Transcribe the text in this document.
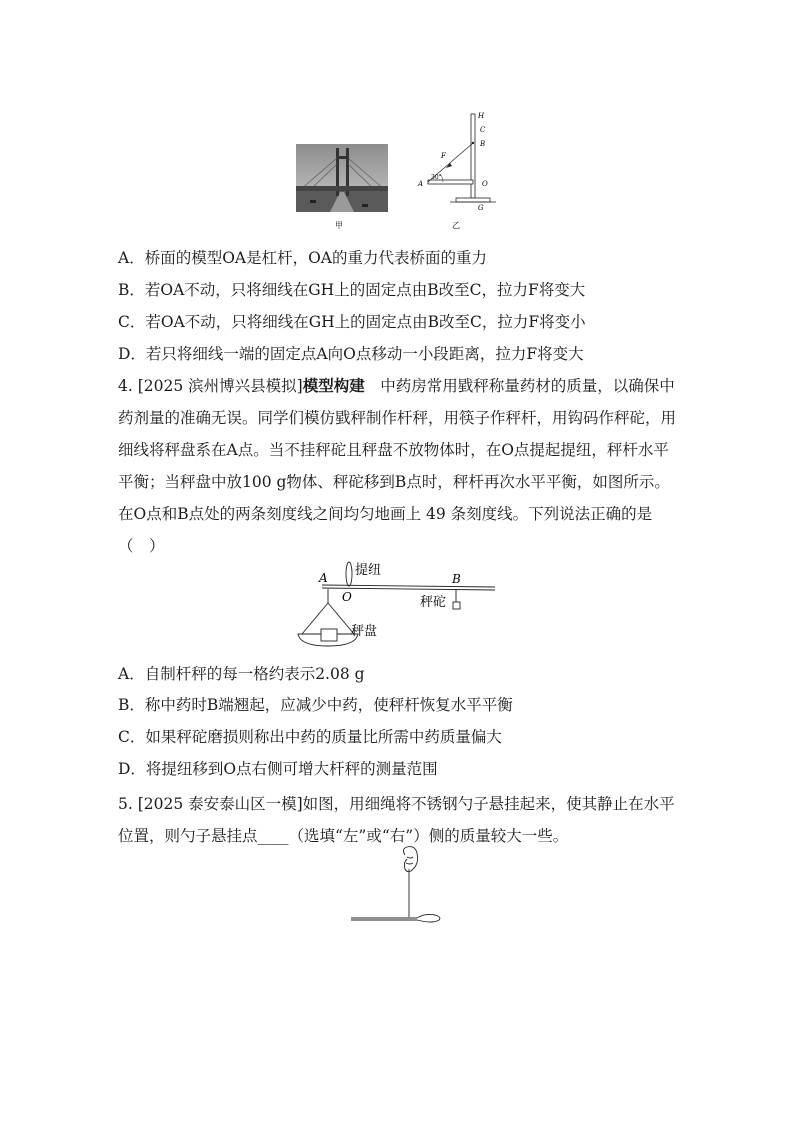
甲
H
C
B
F
A	O
30°
G
乙
A．桥面的模型OA是杠杆，OA的重力代表桥面的重力
B．若OA不动，只将细线在GH上的固定点由B改至C，拉力F将变大
C．若OA不动，只将细线在GH上的固定点由B改至C，拉力F将变小
D．若只将细线一端的固定点A向O点移动一小段距离，拉力F将变大
4. [2025 滨州博兴县模拟]模型构建　中药房常用戥秤称量药材的质量，以确保中药剂量的准确无误。同学们模仿戥秤制作杆秤，用筷子作秤杆，用钩码作秤砣，用细线将秤盘系在A点。当不挂秤砣且秤盘不放物体时，在O点提起提纽，秤杆水平平衡；当秤盘中放100 g物体、秤砣移到B点时，秤杆再次水平平衡，如图所示。在O点和B点处的两条刻度线之间均匀地画上 49 条刻度线。下列说法正确的是（　）
A
O
B
提纽
秤砣
秤盘
A．自制杆秤的每一格约表示2.08 g
B．称中药时B端翘起，应减少中药，使秤杆恢复水平平衡
C．如果秤砣磨损则称出中药的质量比所需中药质量偏大
D．将提纽移到O点右侧可增大杆秤的测量范围
5. [2025 泰安泰山区一模]如图，用细绳将不锈钢勺子悬挂起来，使其静止在水平位置，则勺子悬挂点____（选填“左”或“右”）侧的质量较大一些。
